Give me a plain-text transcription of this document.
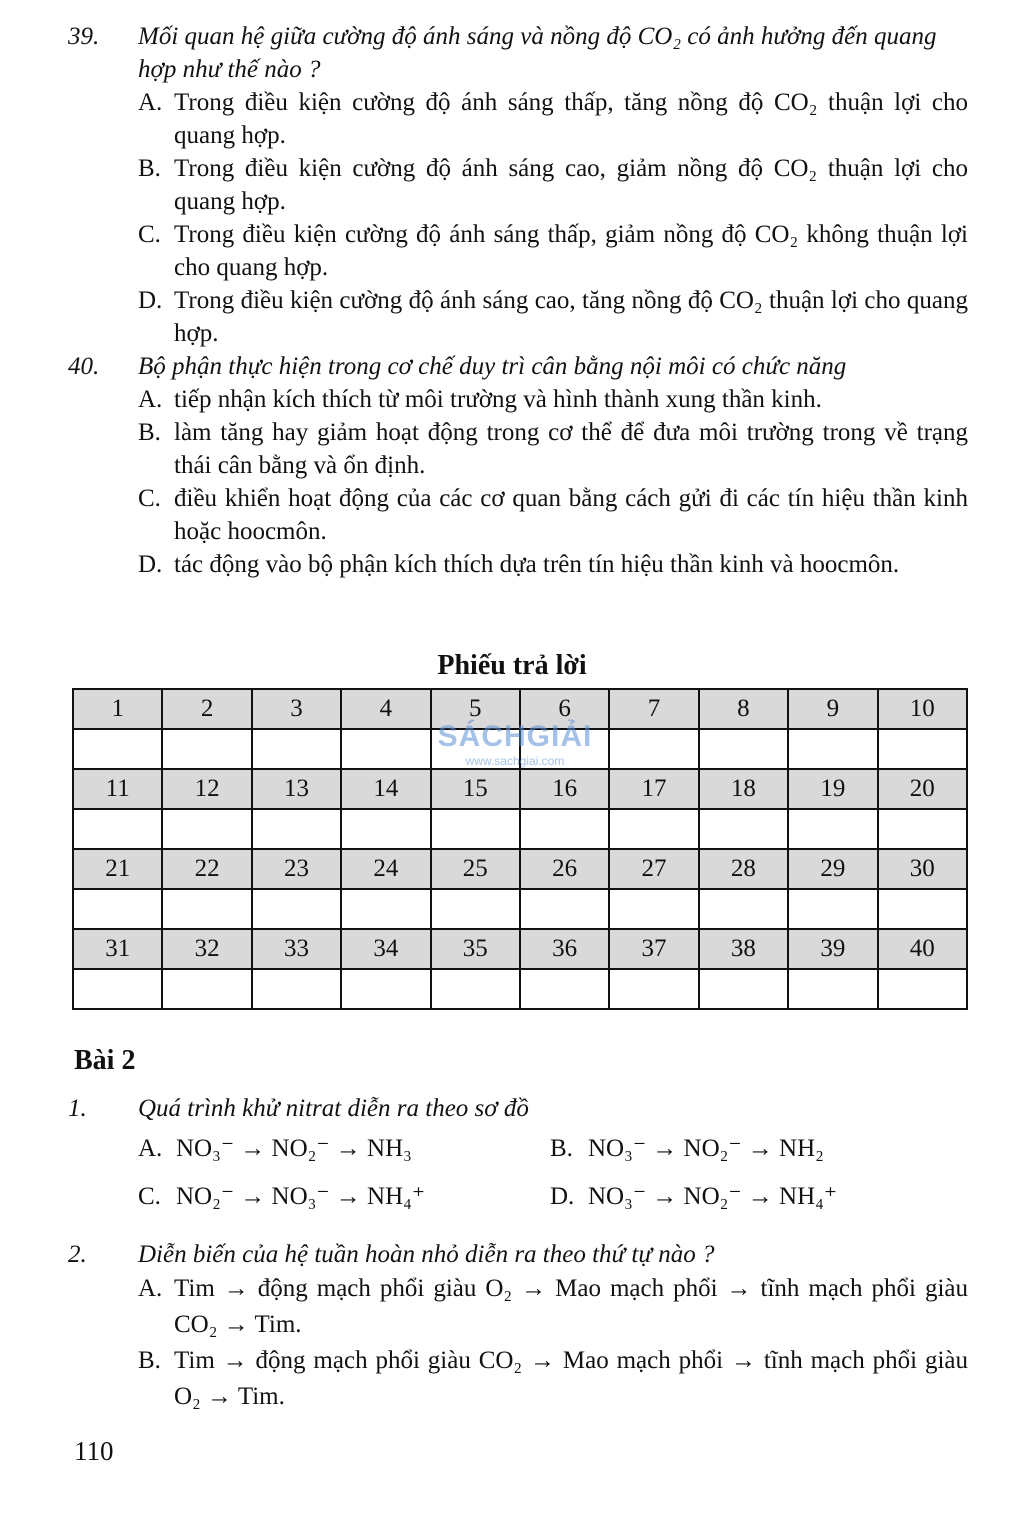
39.	Mối quan hệ giữa cường độ ánh sáng và nồng độ CO₂ có ảnh hưởng đến quang hợp như thế nào ?
A. Trong điều kiện cường độ ánh sáng thấp, tăng nồng độ CO₂ thuận lợi cho quang hợp.
B. Trong điều kiện cường độ ánh sáng cao, giảm nồng độ CO₂ thuận lợi cho quang hợp.
C. Trong điều kiện cường độ ánh sáng thấp, giảm nồng độ CO₂ không thuận lợi cho quang hợp.
D. Trong điều kiện cường độ ánh sáng cao, tăng nồng độ CO₂ thuận lợi cho quang hợp.
40.	Bộ phận thực hiện trong cơ chế duy trì cân bằng nội môi có chức năng
A. tiếp nhận kích thích từ môi trường và hình thành xung thần kinh.
B. làm tăng hay giảm hoạt động trong cơ thể để đưa môi trường trong về trạng thái cân bằng và ổn định.
C. điều khiển hoạt động của các cơ quan bằng cách gửi đi các tín hiệu thần kinh hoặc hoocmôn.
D. tác động vào bộ phận kích thích dựa trên tín hiệu thần kinh và hoocmôn.
Phiếu trả lời
1	2	3	4	5	6	7	8	9	10

11	12	13	14	15	16	17	18	19	20

21	22	23	24	25	26	27	28	29	30

31	32	33	34	35	36	37	38	39	40

SÁCHGIẢI
www.sachgiai.com
Bài 2
1.	Quá trình khử nitrat diễn ra theo sơ đồ
A. NO₃⁻ → NO₂⁻ → NH₃	B. NO₃⁻ → NO₂⁻ → NH₂
C. NO₂⁻ → NO₃⁻ → NH₄⁺	D. NO₃⁻ → NO₂⁻ → NH₄⁺
2.	Diễn biến của hệ tuần hoàn nhỏ diễn ra theo thứ tự nào ?
A. Tim → động mạch phổi giàu O₂ → Mao mạch phổi → tĩnh mạch phổi giàu CO₂ → Tim.
B. Tim → động mạch phổi giàu CO₂ → Mao mạch phổi → tĩnh mạch phổi giàu O₂ → Tim.
110
